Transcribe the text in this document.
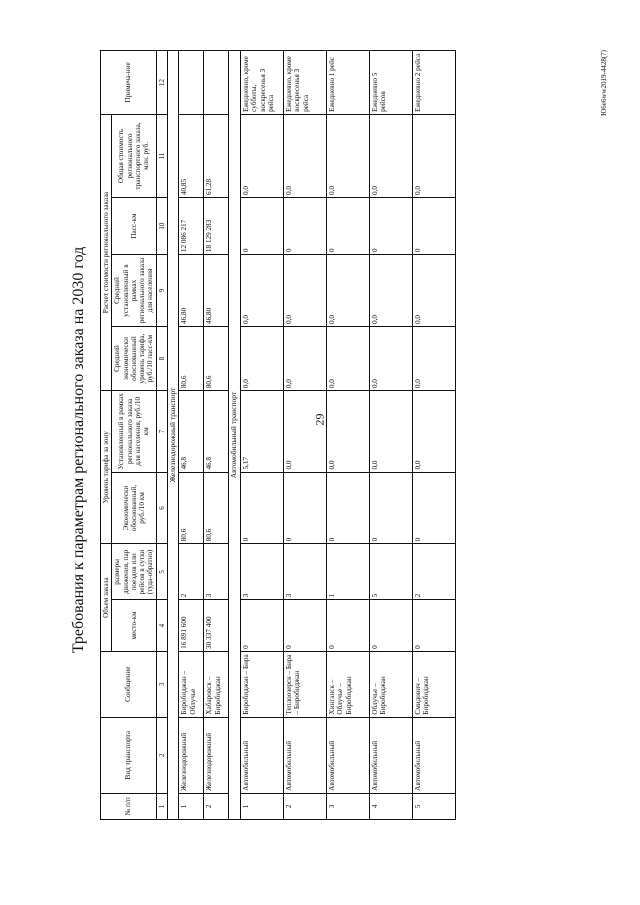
29
Требования к параметрам регионального заказа на 2030 год
№ п/п	Вид транспорта	Сообщение	Объем заказа		Уровень тарифа за зону		Расчет стоимости регионального заказа				Примеча-ние
			место-км	размеры движения, пар поездов или рейсов в сутки (туда-обратно)	Экономически обоснованный, руб./10 км	Установленный в рамках регионального заказа для населения, руб./10 км	Средний экономически обоснованный уровень тарифа, руб./10 пасс-км	Средний установленный в рамках регионального заказа для населения	Пасс-км	Общая стоимость регионального транспортного заказа, млн. руб.	
1	2	3	4	5	6	7	8	9	10	11	12
Железнодорожный транспорт											
1	Железнодорожный	Биробиджан – Облучье	16 891 600	2	80,6	46,8	80,6	46,80	12 086 217	40,85	
2	Железнодорожный	Хабаровск – Биробиджан	30 337 400	3	80,6	46,8	80,6	46,80	18 129 283	61,28	
Автомобильный транспорт											
1	Автомобильный	Биробиджан – Бира	0	3	0	5,17	0,0	0,0	0	0,0	Ежедневно, кроме субботы, воскресенья 3 рейса
2	Автомобильный	Теплоозерск – Бира – Биробиджан	0	3	0	0,0	0,0	0,0	0	0,0	Ежедневно, кроме воскресенья 3 рейса
3	Автомобильный	Хинганск – Облучье – Биробиджан	0	1	0	0,0	0,0	0,0	0	0,0	Ежедневно 1 рейс
4	Автомобильный	Облучье – Биробиджан	0	5	0	0,0	0,0	0,0	0	0,0	Ежедневно 5 рейсов
5	Автомобильный	Смидович – Биробиджан	0	2	0	0,0	0,0	0,0	0	0,0	Ежедневно 2 рейса	Ю6е6ww2019-4428(7)
